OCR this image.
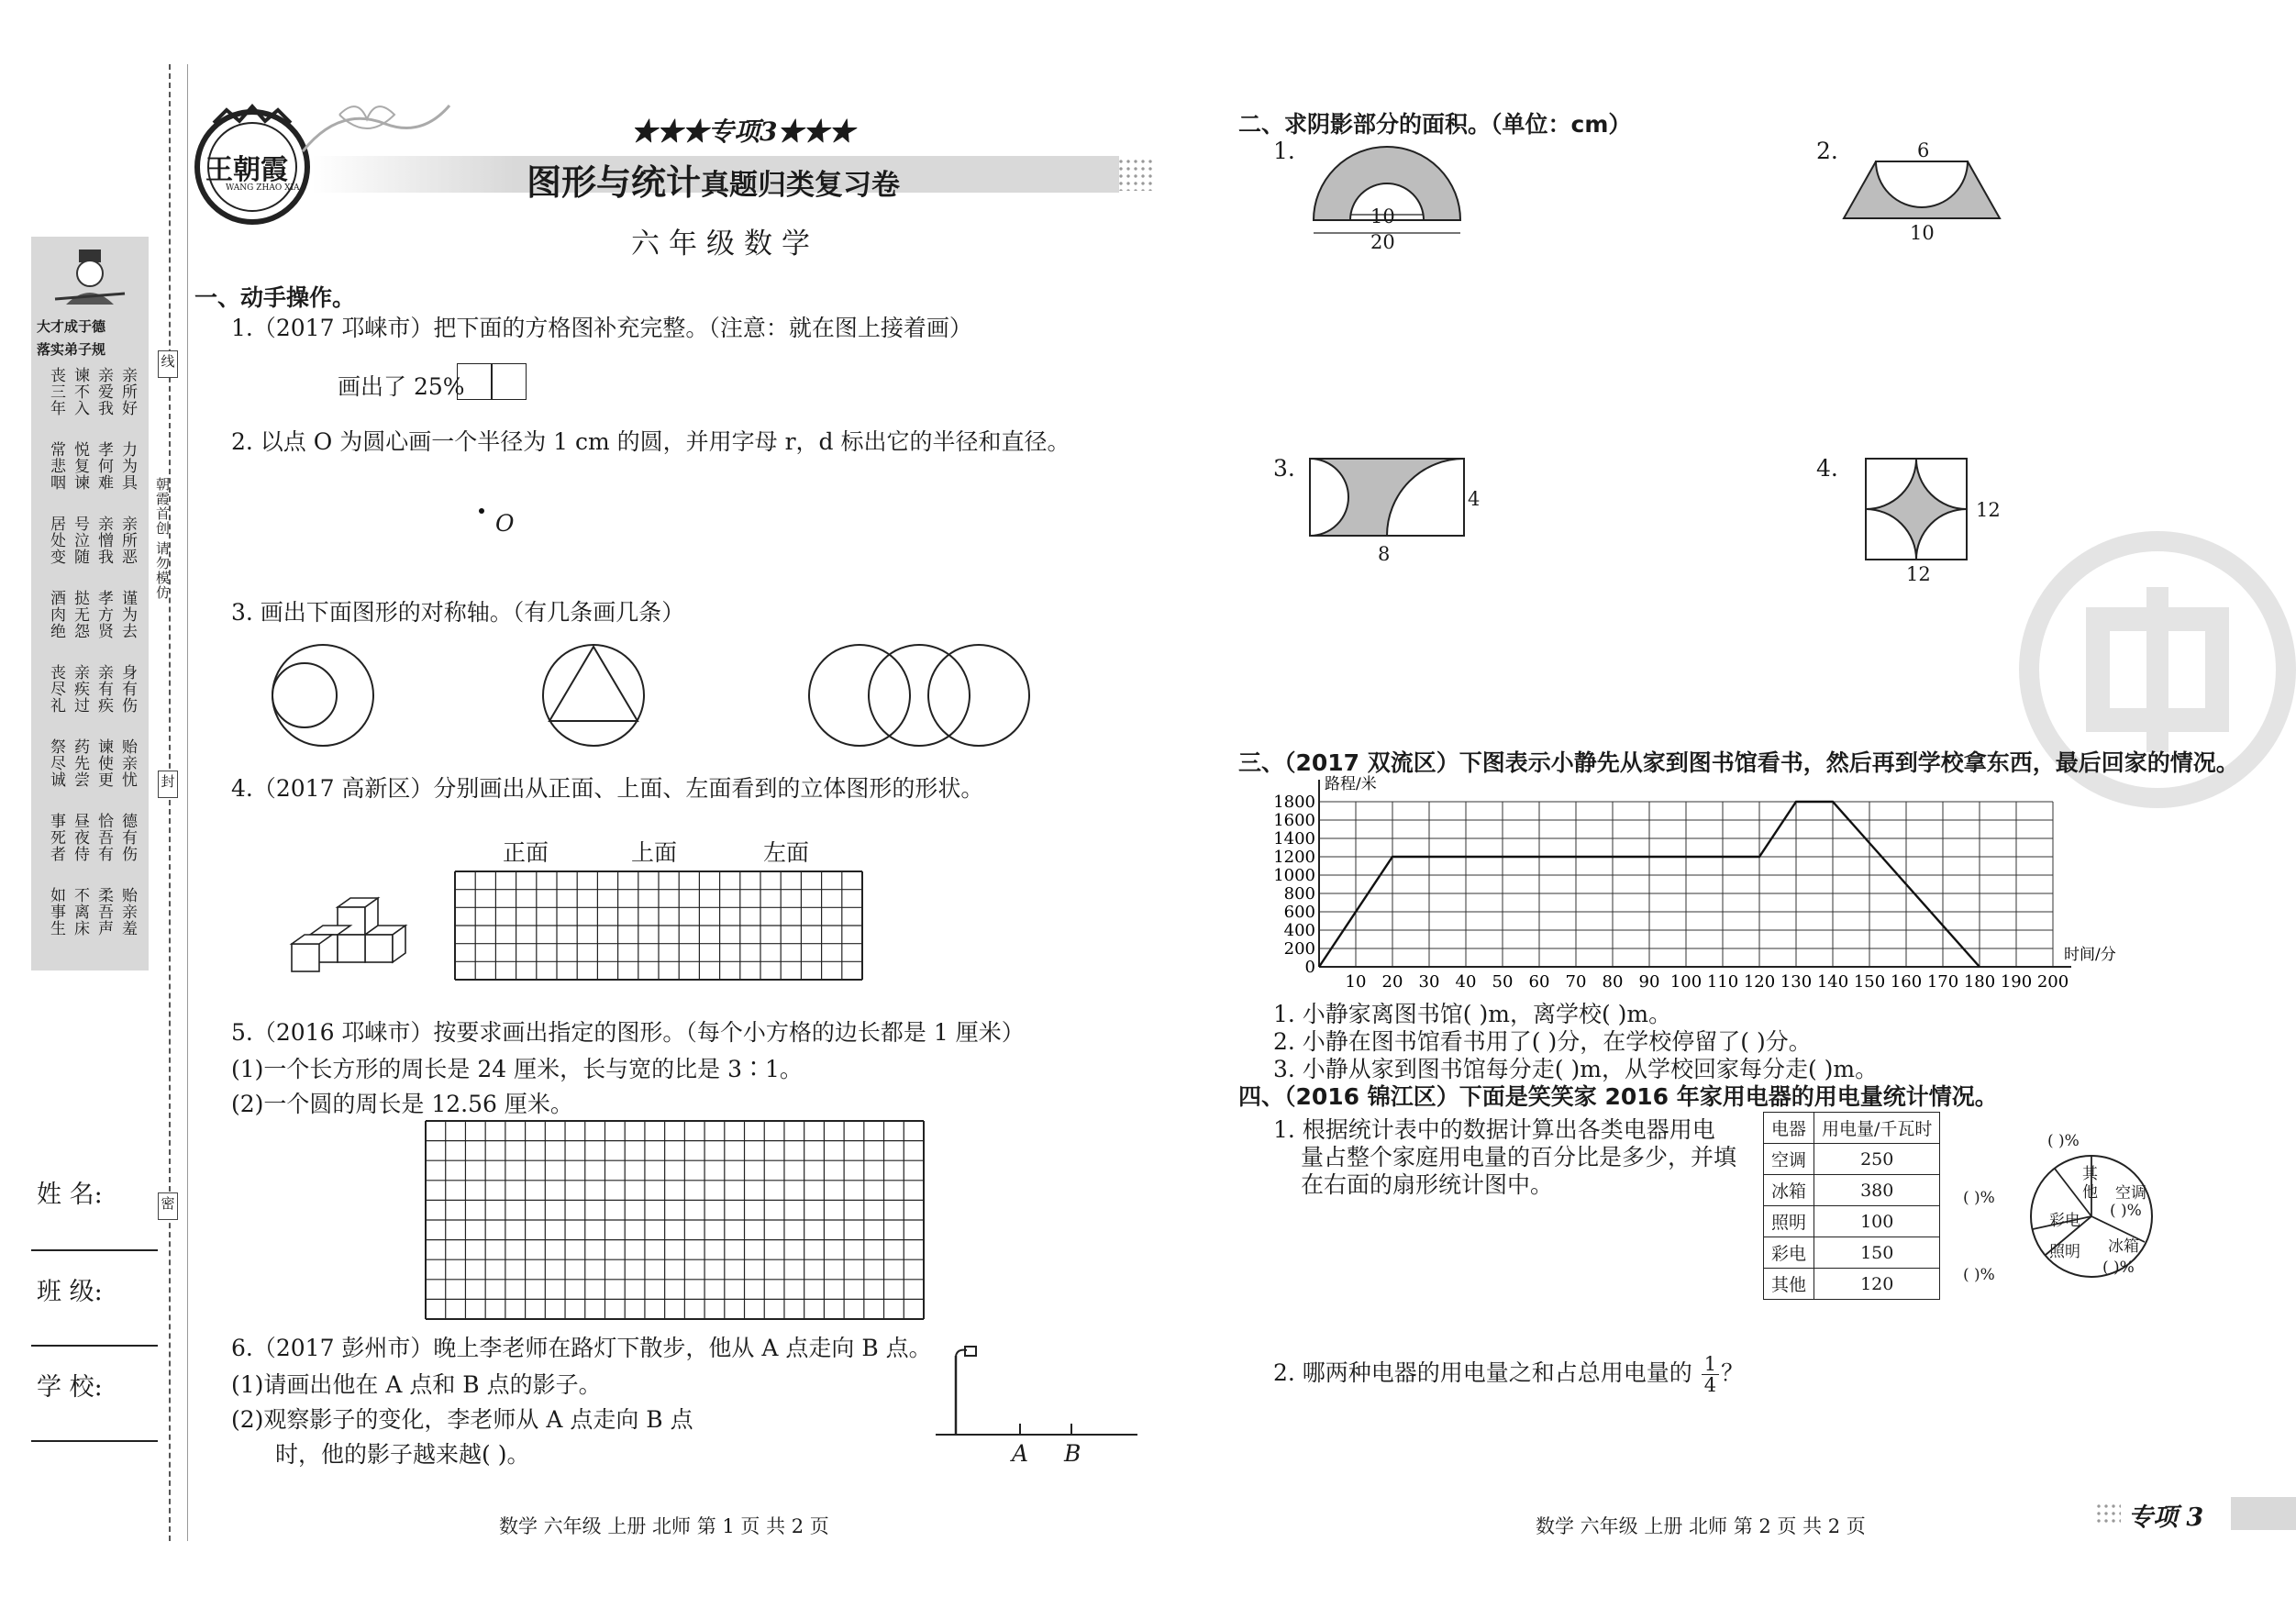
大才成于德
落实弟子规
亲所好
亲爱我
谏不入
丧三年
力为具
孝何难
悦复谏
常悲咽
亲所恶
亲憎我
号泣随
居处变
谨为去
孝方贤
挞无怨
酒肉绝
身有伤
亲有疾
亲疾过
丧尽礼
贻亲忧
谏使更
药先尝
祭尽诚
德有伤
恰吾有
昼夜侍
事死者
贻亲羞
柔吾声
不离床
如事生
姓 名:
班 级:
学 校:
线
封
密
朝霞首创 请勿模仿
王朝霞
WANG ZHAO XIA
★★★专项3★★★
图形与统计真题归类复习卷
六年级数学
一、动手操作。
1.（2017 邛崃市）把下面的方格图补充完整。（注意：就在图上接着画）
画出了 25%
2. 以点 O 为圆心画一个半径为 1 cm 的圆，并用字母 r，d 标出它的半径和直径。
O
3. 画出下面图形的对称轴。（有几条画几条）
4.（2017 高新区）分别画出从正面、上面、左面看到的立体图形的形状。
正面	上面	左面
5.（2016 邛崃市）按要求画出指定的图形。（每个小方格的边长都是 1 厘米）
(1)一个长方形的周长是 24 厘米，长与宽的比是 3∶1。
(2)一个圆的周长是 12.56 厘米。
6.（2017 彭州市）晚上李老师在路灯下散步，他从 A 点走向 B 点。
(1)请画出他在 A 点和 B 点的影子。
(2)观察影子的变化，李老师从 A 点走向 B 点
时，他的影子越来越( )。	A B
数学 六年级 上册 北师 第 1 页 共 2 页
二、求阴影部分的面积。（单位：cm）
1.
10
20
2.	6
10
3.
4
8
4.
12
12
三、（2017 双流区）下图表示小静先从家到图书馆看书，然后再到学校拿东西，最后回家的情况。
0
200
400
600
800
1000
1200
1400
1600
1800
10 20 30 40 50 60 70 80 90 100 110 120 130 140 150 160 170 180 190 200
路程/米
时间/分
1. 小静家离图书馆( )m，离学校( )m。
2. 小静在图书馆看书用了( )分，在学校停留了( )分。
3. 小静从家到图书馆每分走( )m，从学校回家每分走( )m。
四、（2016 锦江区）下面是笑笑家 2016 年家用电器的用电量统计情况。
1. 根据统计表中的数据计算出各类电器用电
量占整个家庭用电量的百分比是多少，并填
在右面的扇形统计图中。
电器	用电量/千瓦时
空调	250
冰箱	380
照明	100
彩电	150
其他	120
其他 空调
彩电
照明 冰箱
( )%
( )%
( )%
( )%	( )%
2. 哪两种电器的用电量之和占总用电量的 $\frac{1}{4}$ ？
数学 六年级 上册 北师 第 2 页 共 2 页	专项 3
